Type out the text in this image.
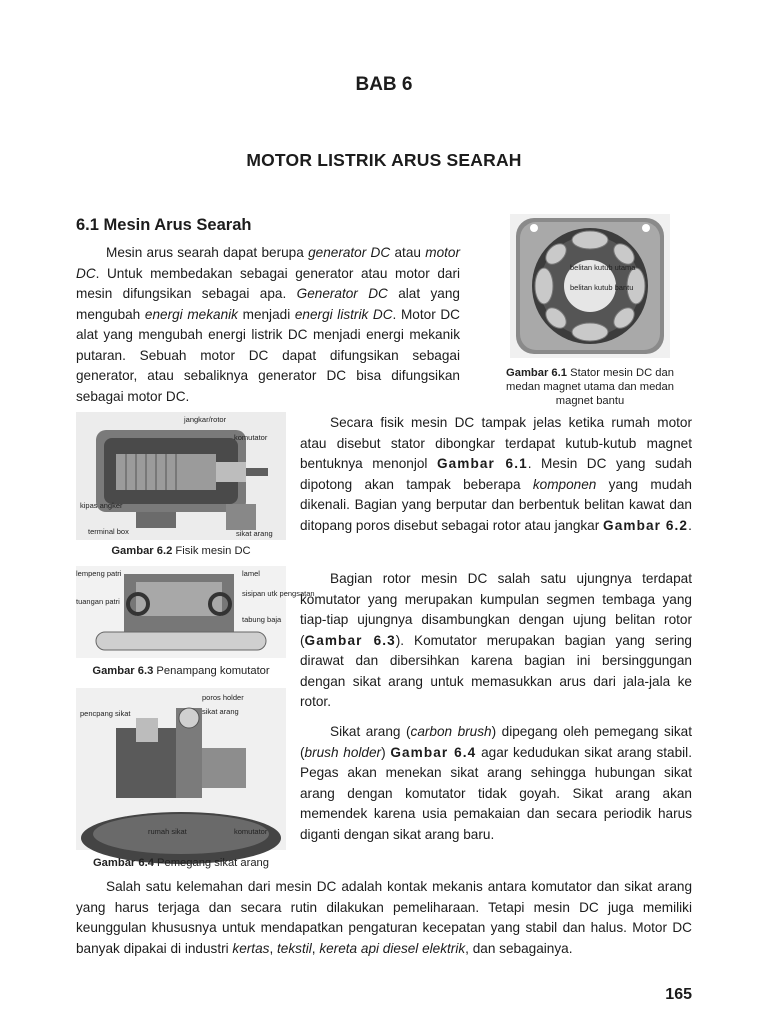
BAB 6
MOTOR LISTRIK ARUS SEARAH
6.1 Mesin Arus Searah

Mesin arus searah dapat berupa generator DC atau motor DC. Untuk membedakan sebagai generator atau motor dari mesin difungsikan sebagai apa. Generator DC alat yang mengubah energi mekanik menjadi energi listrik DC. Motor DC alat yang mengubah energi listrik DC menjadi energi mekanik putaran. Sebuah motor DC dapat difungsikan sebagai generator, atau sebaliknya generator DC bisa difungsikan sebagai motor DC.

belitan kutub utama
belitan kutub bantu
Gambar 6.1 Stator mesin DC dan medan magnet utama dan medan magnet bantu
jangkar/rotor
komutator
kipas angker
terminal box	sikat arang
Gambar 6.2 Fisik mesin DC

Secara fisik mesin DC tampak jelas ketika rumah motor atau disebut stator dibongkar terdapat kutub-kutub magnet bentuknya menonjol Gambar 6.1. Mesin DC yang sudah dipotong akan tampak beberapa komponen yang mudah dikenali. Bagian yang berputar dan berbentuk belitan kawat dan ditopang poros disebut sebagai rotor atau jangkar Gambar 6.2.

lempeng patri
tuangan patri
lamel
sisipan utk pengsatan
tabung baja
Gambar 6.3 Penampang komutator

Bagian rotor mesin DC salah satu ujungnya terdapat komutator yang merupakan kumpulan segmen tembaga yang tiap-tiap ujungnya disambungkan dengan ujung belitan rotor (Gambar 6.3). Komutator merupakan bagian yang sering dirawat dan dibersihkan karena bagian ini bersinggungan dengan sikat arang untuk memasukkan arus dari jala-jala ke rotor.

poros holder
pencpang sikat	sikat arang
rumah sikat	komutator
Gambar 6.4 Pemegang sikat arang

Sikat arang (carbon brush) dipegang oleh pemegang sikat (brush holder) Gambar 6.4 agar kedudukan sikat arang stabil. Pegas akan menekan sikat arang sehingga hubungan sikat arang dengan komutator tidak goyah. Sikat arang akan memendek karena usia pemakaian dan secara periodik harus diganti dengan sikat arang baru.

Salah satu kelemahan dari mesin DC adalah kontak mekanis antara komutator dan sikat arang yang harus terjaga dan secara rutin dilakukan pemeliharaan. Tetapi mesin DC juga memiliki keunggulan khususnya untuk mendapatkan pengaturan kecepatan yang stabil dan halus. Motor DC banyak dipakai di industri kertas, tekstil, kereta api diesel elektrik, dan sebagainya.

165
